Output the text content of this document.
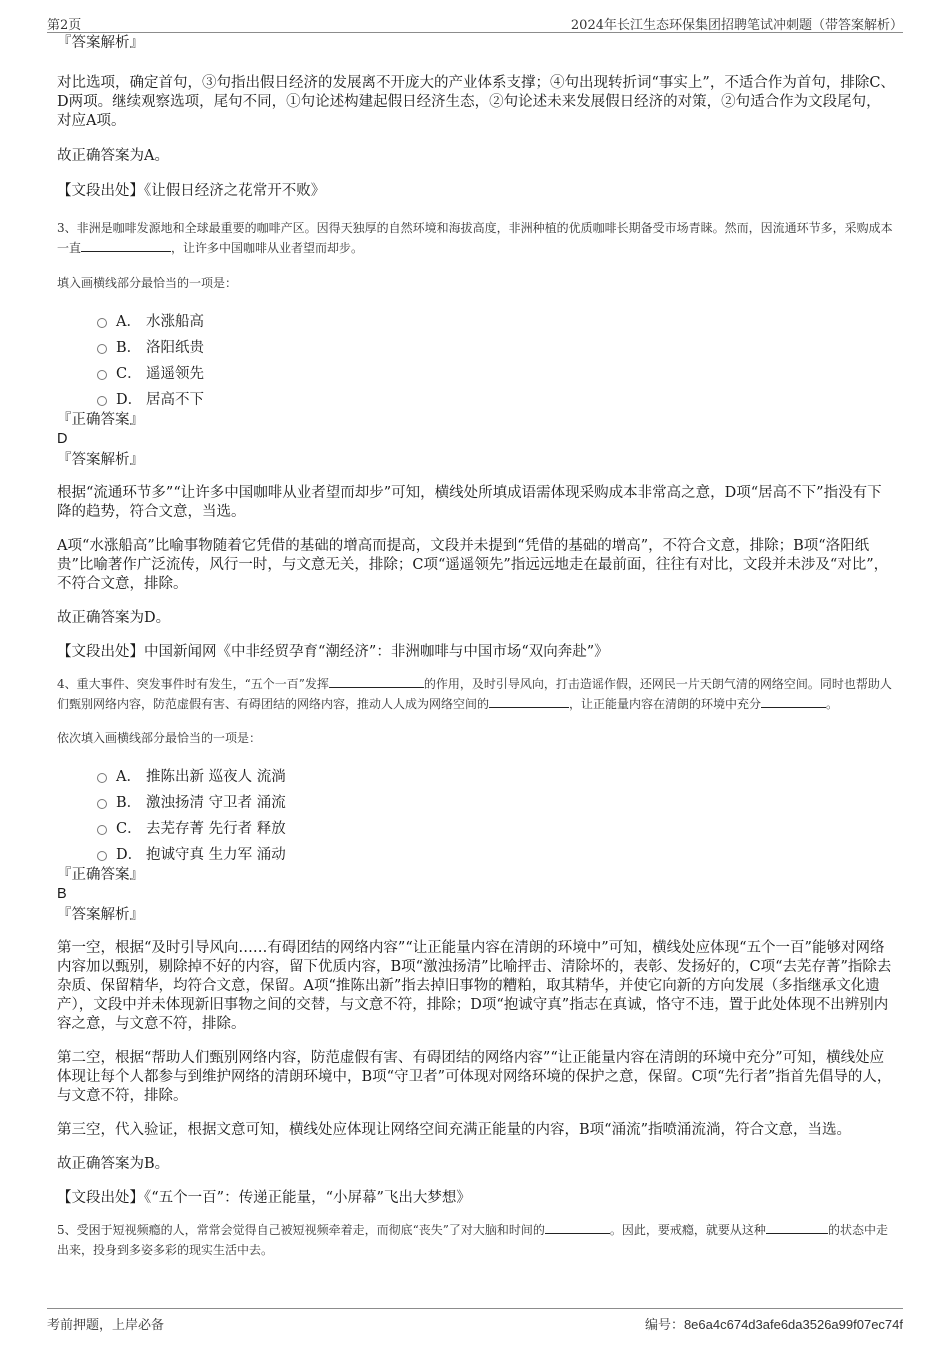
第2页	2024年长江生态环保集团招聘笔试冲刺题（带答案解析）

『答案解析』

对比选项，确定首句，③句指出假日经济的发展离不开庞大的产业体系支撑；④句出现转折词“事实上”，不适合作为首句，排除C、D两项。继续观察选项，尾句不同，①句论述构建起假日经济生态，②句论述未来发展假日经济的对策，②句适合作为文段尾句，对应A项。

故正确答案为A。

【文段出处】《让假日经济之花常开不败》

3、非洲是咖啡发源地和全球最重要的咖啡产区。因得天独厚的自然环境和海拔高度，非洲种植的优质咖啡长期备受市场青睐。然而，因流通环节多，采购成本一直	，让许多中国咖啡从业者望而却步。

填入画横线部分最恰当的一项是：

A． 水涨船高
B． 洛阳纸贵
C． 遥遥领先
D． 居高不下

『正确答案』

D

『答案解析』

根据“流通环节多”“让许多中国咖啡从业者望而却步”可知，横线处所填成语需体现采购成本非常高之意，D项“居高不下”指没有下降的趋势，符合文意，当选。

A项“水涨船高”比喻事物随着它凭借的基础的增高而提高，文段并未提到“凭借的基础的增高”，不符合文意，排除；B项“洛阳纸贵”比喻著作广泛流传，风行一时，与文意无关，排除；C项“遥遥领先”指远远地走在最前面，往往有对比，文段并未涉及“对比”，不符合文意，排除。

故正确答案为D。

【文段出处】中国新闻网《中非经贸孕育“潮经济”：非洲咖啡与中国市场“双向奔赴”》

4、重大事件、突发事件时有发生，“五个一百”发挥	的作用，及时引导风向，打击造谣作假，还网民一片天朗气清的网络空间。同时也帮助人们甄别网络内容，防范虚假有害、有碍团结的网络内容，推动人人成为网络空间的	，让正能量内容在清朗的环境中充分	。

依次填入画横线部分最恰当的一项是：

A． 推陈出新 巡夜人 流淌
B． 激浊扬清 守卫者 涌流
C． 去芜存菁 先行者 释放
D． 抱诚守真 生力军 涌动

『正确答案』

B

『答案解析』

第一空，根据“及时引导风向……有碍团结的网络内容”“让正能量内容在清朗的环境中”可知，横线处应体现“五个一百”能够对网络内容加以甄别，剔除掉不好的内容，留下优质内容，B项“激浊扬清”比喻抨击、清除坏的，表彰、发扬好的，C项“去芜存菁”指除去杂质、保留精华，均符合文意，保留。A项“推陈出新”指去掉旧事物的糟粕，取其精华，并使它向新的方向发展（多指继承文化遗产），文段中并未体现新旧事物之间的交替，与文意不符，排除；D项“抱诚守真”指志在真诚，恪守不违，置于此处体现不出辨别内容之意，与文意不符，排除。

第二空，根据“帮助人们甄别网络内容，防范虚假有害、有碍团结的网络内容”“让正能量内容在清朗的环境中充分”可知，横线处应体现让每个人都参与到维护网络的清朗环境中，B项“守卫者”可体现对网络环境的保护之意，保留。C项“先行者”指首先倡导的人，与文意不符，排除。

第三空，代入验证，根据文意可知，横线处应体现让网络空间充满正能量的内容，B项“涌流”指喷涌流淌，符合文意，当选。

故正确答案为B。

【文段出处】《“五个一百”：传递正能量，“小屏幕”飞出大梦想》

5、受困于短视频瘾的人，常常会觉得自己被短视频牵着走，而彻底“丧失”了对大脑和时间的	。因此，要戒瘾，就要从这种	的状态中走出来，投身到多姿多彩的现实生活中去。

考前押题，上岸必备	编号：8e6a4c674d3afe6da3526a99f07ec74f
